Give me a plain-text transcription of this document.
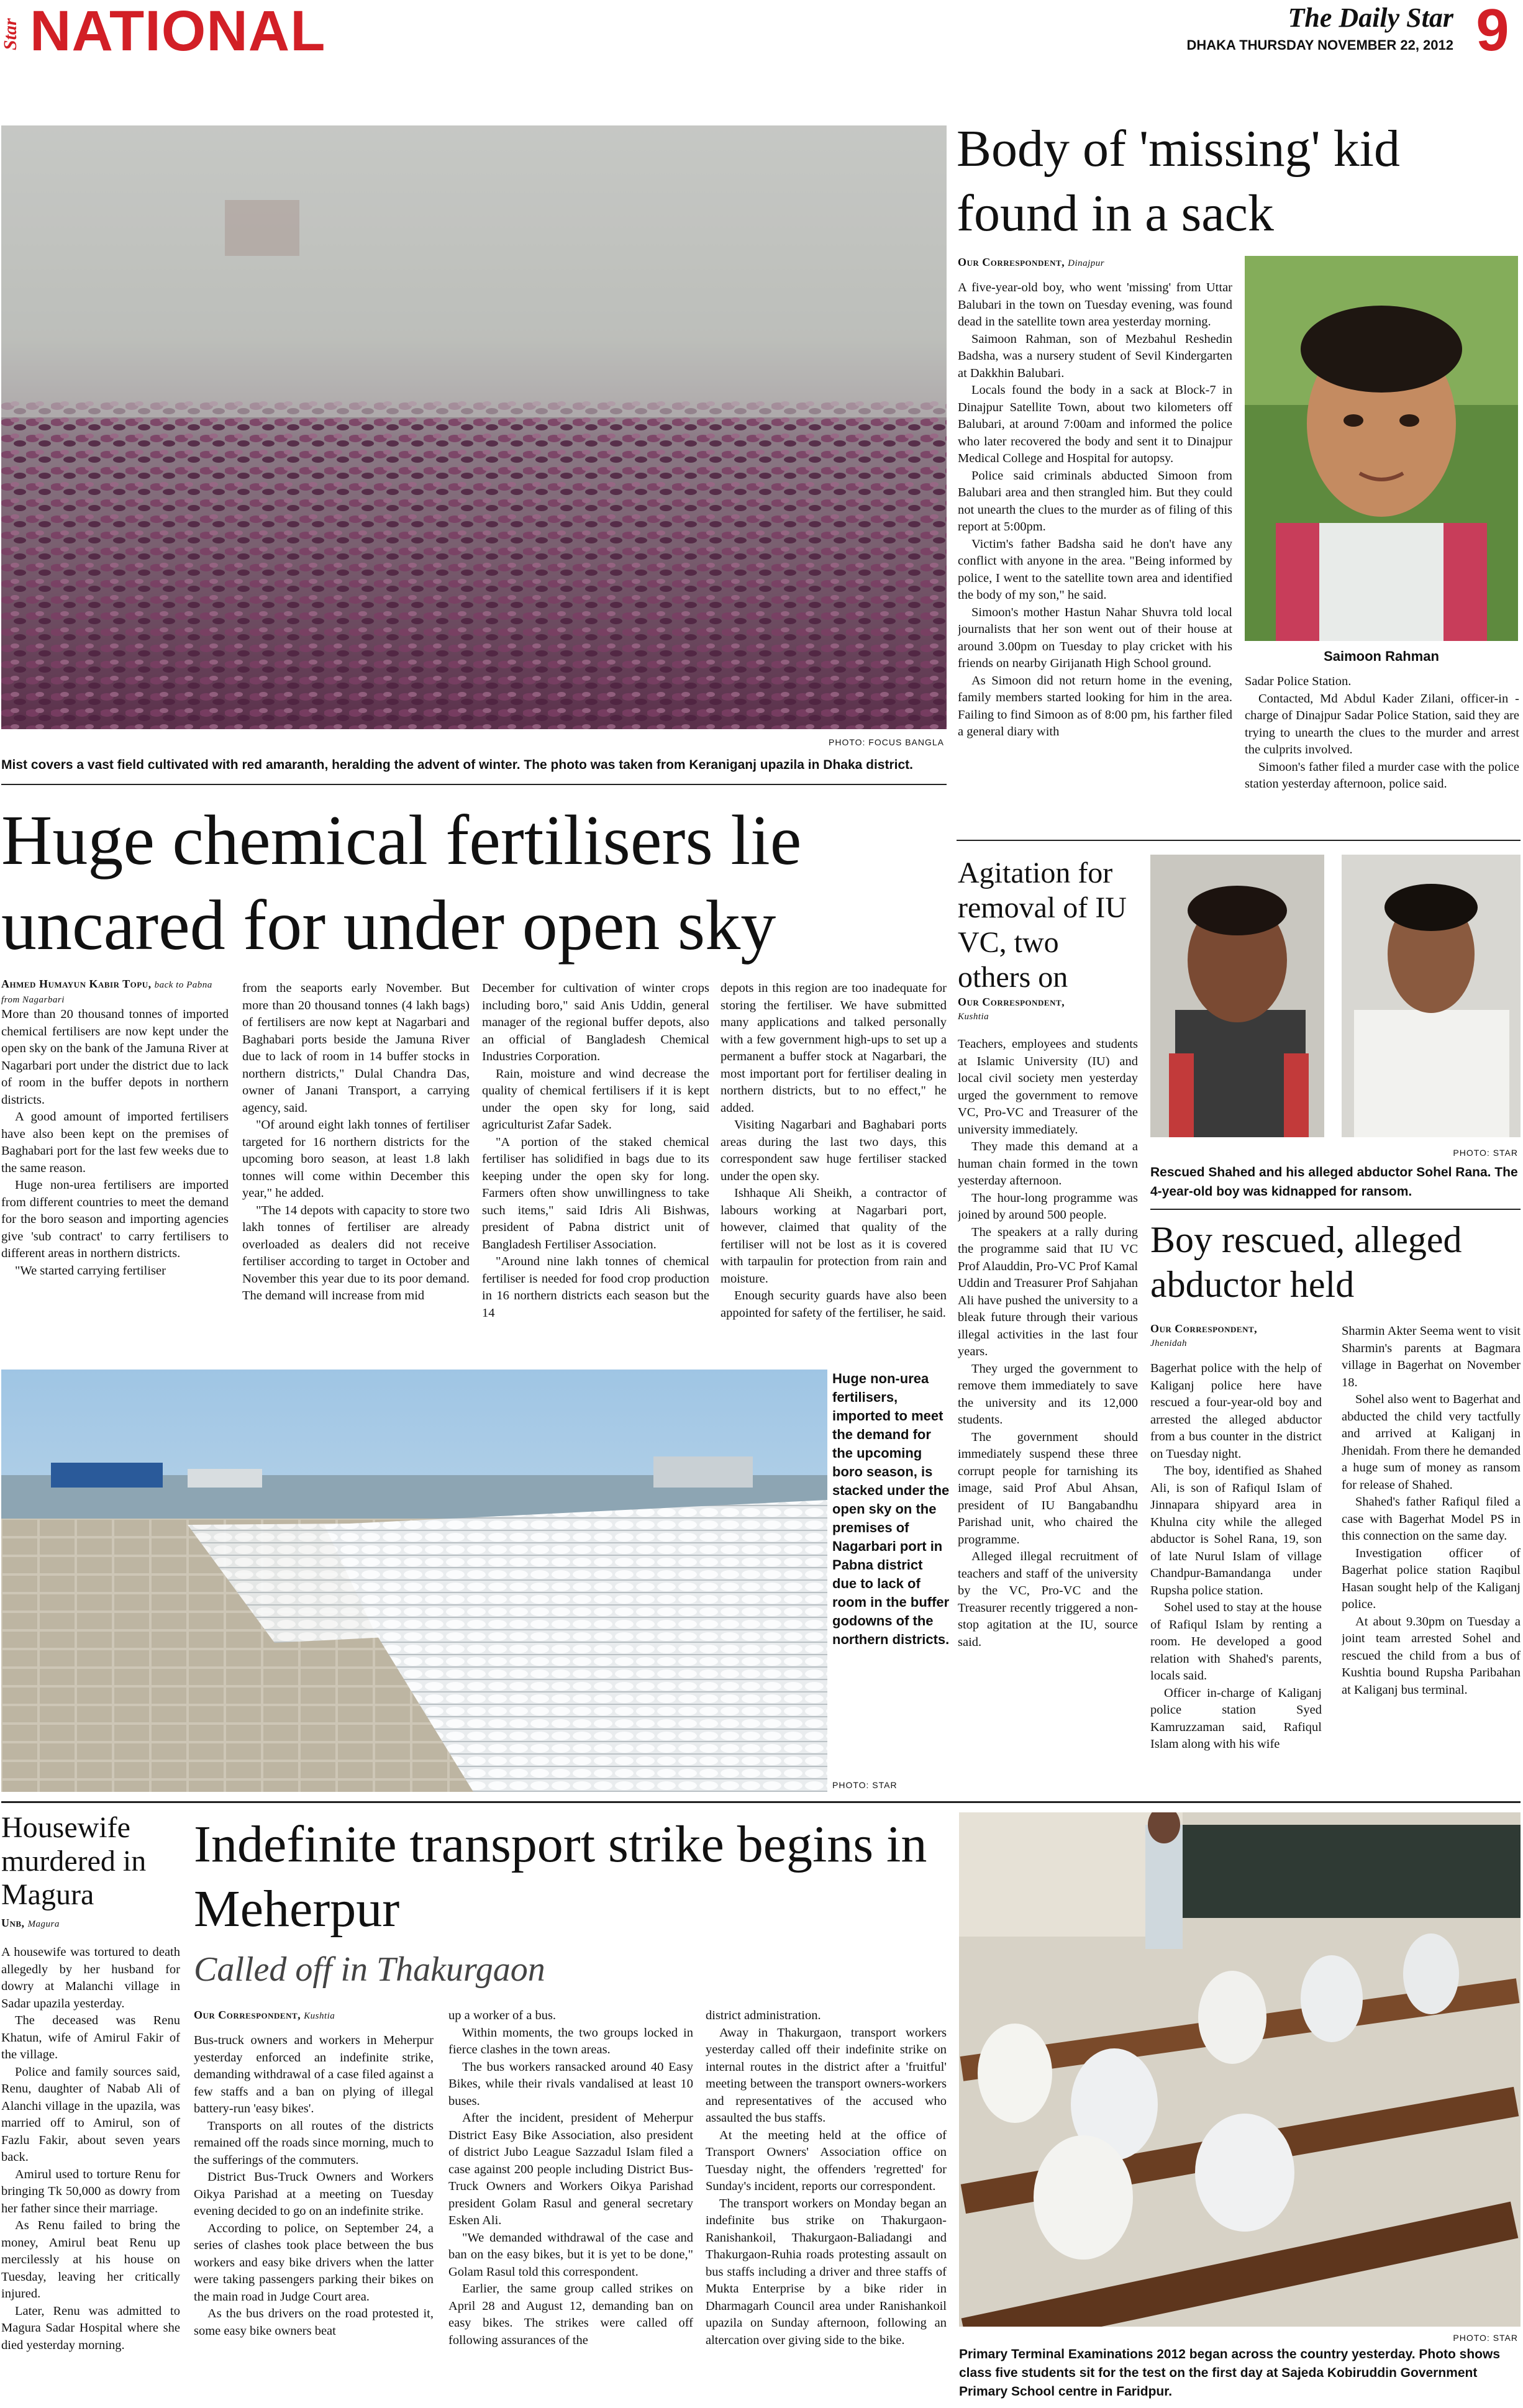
Star NATIONAL	The Daily Star
DHAKA THURSDAY NOVEMBER 22, 2012 9
PHOTO: FOCUS BANGLA
Mist covers a vast field cultivated with red amaranth, heralding the advent of winter. The photo was taken from Keraniganj upazila in Dhaka district.
Huge chemical fertilisers lie uncared for under open sky
Ahmed Humayun Kabir Topu, back to Pabna from Nagarbari

More than 20 thousand tonnes of imported chemical fertilisers are now kept under the open sky on the bank of the Jamuna River at Nagarbari port under the district due to lack of room in the buffer depots in northern districts.

A good amount of imported fertilisers have also been kept on the premises of Baghabari port for the last few weeks due to the same reason.

Huge non-urea fertilisers are imported from different countries to meet the demand for the boro season and importing agencies give 'sub contract' to carry fertilisers to different areas in northern districts.

"We started carrying fertiliser

from the seaports early November. But more than 20 thousand tonnes (4 lakh bags) of fertilisers are now kept at Nagarbari and Baghabari ports beside the Jamuna River due to lack of room in 14 buffer stocks in northern districts," Dulal Chandra Das, owner of Janani Transport, a carrying agency, said.

"Of around eight lakh tonnes of fertiliser targeted for 16 northern districts for the upcoming boro season, at least 1.8 lakh tonnes will come within December this year," he added.

"The 14 depots with capacity to store two lakh tonnes of fertiliser are already overloaded as dealers did not receive fertiliser according to target in October and November this year due to its poor demand. The demand will increase from mid

December for cultivation of winter crops including boro," said Anis Uddin, general manager of the regional buffer depots, also an official of Bangladesh Chemical Industries Corporation.

Rain, moisture and wind decrease the quality of chemical fertilisers if it is kept under the open sky for long, said agriculturist Zafar Sadek.

"A portion of the staked chemical fertiliser has solidified in bags due to its keeping under the open sky for long. Farmers often show unwillingness to take such items," said Idris Ali Bishwas, president of Pabna district unit of Bangladesh Fertiliser Association.

"Around nine lakh tonnes of chemical fertiliser is needed for food crop production in 16 northern districts each season but the 14

depots in this region are too inadequate for storing the fertiliser. We have submitted many applications and talked personally with a few government high-ups to set up a permanent a buffer stock at Nagarbari, the most important port for fertiliser dealing in northern districts, but to no effect," he added.

Visiting Nagarbari and Baghabari ports areas during the last two days, this correspondent saw huge fertiliser stacked under the open sky.

Ishhaque Ali Sheikh, a contractor of labours working at Nagarbari port, however, claimed that quality of the fertiliser will not be lost as it is covered with tarpaulin for protection from rain and moisture.

Enough security guards have also been appointed for safety of the fertiliser, he said.

Huge non-urea fertilisers, imported to meet the demand for the upcoming boro season, is stacked under the open sky on the premises of Nagarbari port in Pabna district due to lack of room in the buffer godowns of the northern districts.
PHOTO: STAR
Body of 'missing' kid found in a sack
Our Correspondent, Dinajpur

A five-year-old boy, who went 'missing' from Uttar Balubari in the town on Tuesday evening, was found dead in the satellite town area yesterday morning.

Saimoon Rahman, son of Mezbahul Reshedin Badsha, was a nursery student of Sevil Kindergarten at Dakkhin Balubari.

Locals found the body in a sack at Block-7 in Dinajpur Satellite Town, about two kilometers off Balubari, at around 7:00am and informed the police who later recovered the body and sent it to Dinajpur Medical College and Hospital for autopsy.

Police said criminals abducted Simoon from Balubari area and then strangled him. But they could not unearth the clues to the murder as of filing of this report at 5:00pm.

Victim's father Badsha said he don't have any conflict with anyone in the area. "Being informed by police, I went to the satellite town area and identified the body of my son," he said.

Simoon's mother Hastun Nahar Shuvra told local journalists that her son went out of their house at around 3.00pm on Tuesday to play cricket with his friends on nearby Girijanath High School ground.

As Simoon did not return home in the evening, family members started looking for him in the area. Failing to find Simoon as of 8:00 pm, his farther filed a general diary with

Saimoon Rahman

Sadar Police Station.

Contacted, Md Abdul Kader Zilani, officer-in -charge of Dinajpur Sadar Police Station, said they are trying to unearth the clues to the murder and arrest the culprits involved.

Simoon's father filed a murder case with the police station yesterday afternoon, police said.

Agitation for removal of IU VC, two others on
Our Correspondent,
Kushtia

Teachers, employees and students at Islamic University (IU) and local civil society men yesterday urged the government to remove VC, Pro-VC and Treasurer of the university immediately.

They made this demand at a human chain formed in the town yesterday afternoon.

The hour-long programme was joined by around 500 people.

The speakers at a rally during the programme said that IU VC Prof Alauddin, Pro-VC Prof Kamal Uddin and Treasurer Prof Sahjahan Ali have pushed the university to a bleak future through their various illegal activities in the last four years.

They urged the government to remove them immediately to save the university and its 12,000 students.

The government should immediately suspend these three corrupt people for tarnishing its image, said Prof Abul Ahsan, president of IU Bangabandhu Parishad unit, who chaired the programme.

Alleged illegal recruitment of teachers and staff of the university by the VC, Pro-VC and the Treasurer recently triggered a non-stop agitation at the IU, source said.

PHOTO: STAR
Rescued Shahed and his alleged abductor Sohel Rana. The 4-year-old boy was kidnapped for ransom.
Boy rescued, alleged abductor held
Our Correspondent,
Jhenidah

Bagerhat police with the help of Kaliganj police here have rescued a four-year-old boy and arrested the alleged abductor from a bus counter in the district on Tuesday night.

The boy, identified as Shahed Ali, is son of Rafiqul Islam of Jinnapara shipyard area in Khulna city while the alleged abductor is Sohel Rana, 19, son of late Nurul Islam of village Chandpur-Bamandanga under Rupsha police station.

Sohel used to stay at the house of Rafiqul Islam by renting a room. He developed a good relation with Shahed's parents, locals said.

Officer in-charge of Kaliganj police station Syed Kamruzzaman said, Rafiqul Islam along with his wife

Sharmin Akter Seema went to visit Sharmin's parents at Bagmara village in Bagerhat on November 18.

Sohel also went to Bagerhat and abducted the child very tactfully and arrived at Kaliganj in Jhenidah. From there he demanded a huge sum of money as ransom for release of Shahed.

Shahed's father Rafiqul filed a case with Bagerhat Model PS in this connection on the same day.

Investigation officer of Bagerhat police station Raqibul Hasan sought help of the Kaliganj police.

At about 9.30pm on Tuesday a joint team arrested Sohel and rescued the child from a bus of Kushtia bound Rupsha Paribahan at Kaliganj bus terminal.

Housewife murdered in Magura
Unb, Magura

A housewife was tortured to death allegedly by her husband for dowry at Malanchi village in Sadar upazila yesterday.

The deceased was Renu Khatun, wife of Amirul Fakir of the village.

Police and family sources said, Renu, daughter of Nabab Ali of Alanchi village in the upazila, was married off to Amirul, son of Fazlu Fakir, about seven years back.

Amirul used to torture Renu for bringing Tk 50,000 as dowry from her father since their marriage.

As Renu failed to bring the money, Amirul beat Renu up mercilessly at his house on Tuesday, leaving her critically injured.

Later, Renu was admitted to Magura Sadar Hospital where she died yesterday morning.

Indefinite transport strike begins in Meherpur
Called off in Thakurgaon
Our Correspondent, Kushtia

Bus-truck owners and workers in Meherpur yesterday enforced an indefinite strike, demanding withdrawal of a case filed against a few staffs and a ban on plying of illegal battery-run 'easy bikes'.

Transports on all routes of the districts remained off the roads since morning, much to the sufferings of the commuters.

District Bus-Truck Owners and Workers Oikya Parishad at a meeting on Tuesday evening decided to go on an indefinite strike.

According to police, on September 24, a series of clashes took place between the bus workers and easy bike drivers when the latter were taking passengers parking their bikes on the main road in Judge Court area.

As the bus drivers on the road protested it, some easy bike owners beat

up a worker of a bus.

Within moments, the two groups locked in fierce clashes in the town areas.

The bus workers ransacked around 40 Easy Bikes, while their rivals vandalised at least 10 buses.

After the incident, president of Meherpur District Easy Bike Association, also president of district Jubo League Sazzadul Islam filed a case against 200 people including District Bus-Truck Owners and Workers Oikya Parishad president Golam Rasul and general secretary Esken Ali.

"We demanded withdrawal of the case and ban on the easy bikes, but it is yet to be done," Golam Rasul told this correspondent.

Earlier, the same group called strikes on April 28 and August 12, demanding ban on easy bikes. The strikes were called off following assurances of the

district administration.

Away in Thakurgaon, transport workers yesterday called off their indefinite strike on internal routes in the district after a 'fruitful' meeting between the transport owners-workers and representatives of the accused who assaulted the bus staffs.

At the meeting held at the office of Transport Owners' Association office on Tuesday night, the offenders 'regretted' for Sunday's incident, reports our correspondent.

The transport workers on Monday began an indefinite bus strike on Thakurgaon-Ranishankoil, Thakurgaon-Baliadangi and Thakurgaon-Ruhia roads protesting assault on bus staffs including a driver and three staffs of Mukta Enterprise by a bike rider in Dharmagarh Council area under Ranishankoil upazila on Sunday afternoon, following an altercation over giving side to the bike.	PHOTO: STAR
Primary Terminal Examinations 2012 began across the country yesterday. Photo shows class five students sit for the test on the first day at Sajeda Kobiruddin Government Primary School centre in Faridpur.
